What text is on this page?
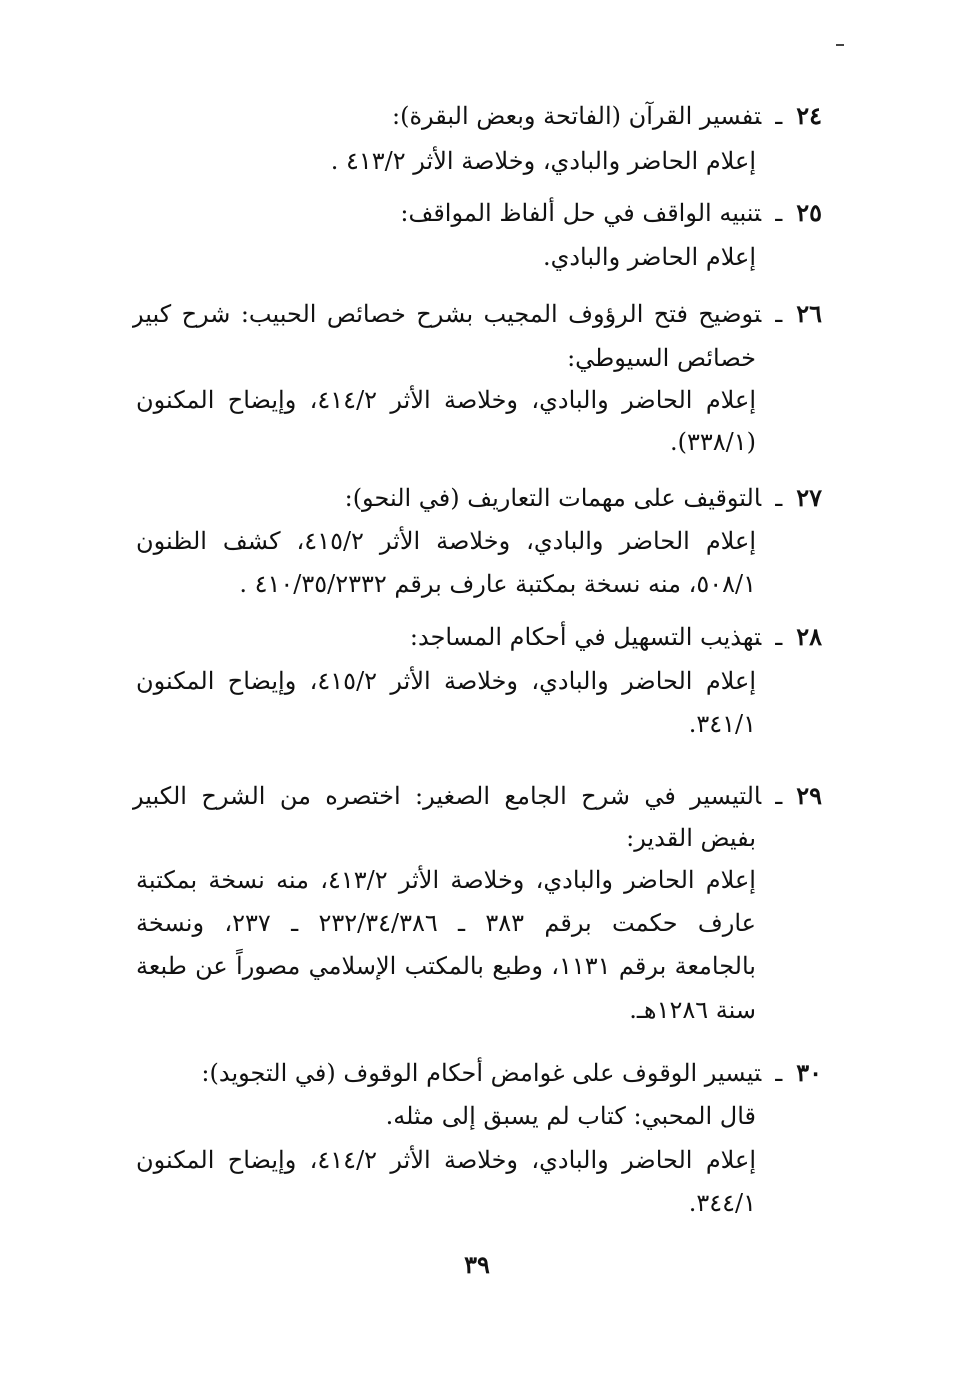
٢٤ـتفسير القرآن (الفاتحة وبعض البقرة):
إعلام الحاضر والبادي، وخلاصة الأثر ٤١٣/٢ .
٢٥ـتنبيه الواقف في حل ألفاظ المواقف:
إعلام الحاضر والبادي.
٢٦ـتوضيح فتح الرؤوف المجيب بشرح خصائص الحبيب: شرح كبير
خصائص السيوطي:
إعلام الحاضر والبادي، وخلاصة الأثر ٤١٤/٢، وإيضاح المكنون
(٣٣٨/١).
٢٧ـالتوقيف على مهمات التعاريف (في النحو):
إعلام الحاضر والبادي، وخلاصة الأثر ٤١٥/٢، كشف الظنون
٥٠٨/١، منه نسخة بمكتبة عارف برقم ٤١٠/٣٥/٢٣٣٢ .
٢٨ـتهذيب التسهيل في أحكام المساجد:
إعلام الحاضر والبادي، وخلاصة الأثر ٤١٥/٢، وإيضاح المكنون
٣٤١/١.
٢٩ـالتيسير في شرح الجامع الصغير: اختصره من الشرح الكبير
بفيض القدير:
إعلام الحاضر والبادي، وخلاصة الأثر ٤١٣/٢، منه نسخة بمكتبة
عارف حكمت برقم ٣٨٣ ـ ٢٣٢/٣٤/٣٨٦ ـ ٢٣٧، ونسخة
بالجامعة برقم ١١٣١، وطبع بالمكتب الإسلامي مصوراً عن طبعة
سنة ١٢٨٦هـ.
٣٠ـتيسير الوقوف على غوامض أحكام الوقوف (في التجويد):
قال المحبي: كتاب لم يسبق إلى مثله.
إعلام الحاضر والبادي، وخلاصة الأثر ٤١٤/٢، وإيضاح المكنون
٣٤٤/١.
٣٩
